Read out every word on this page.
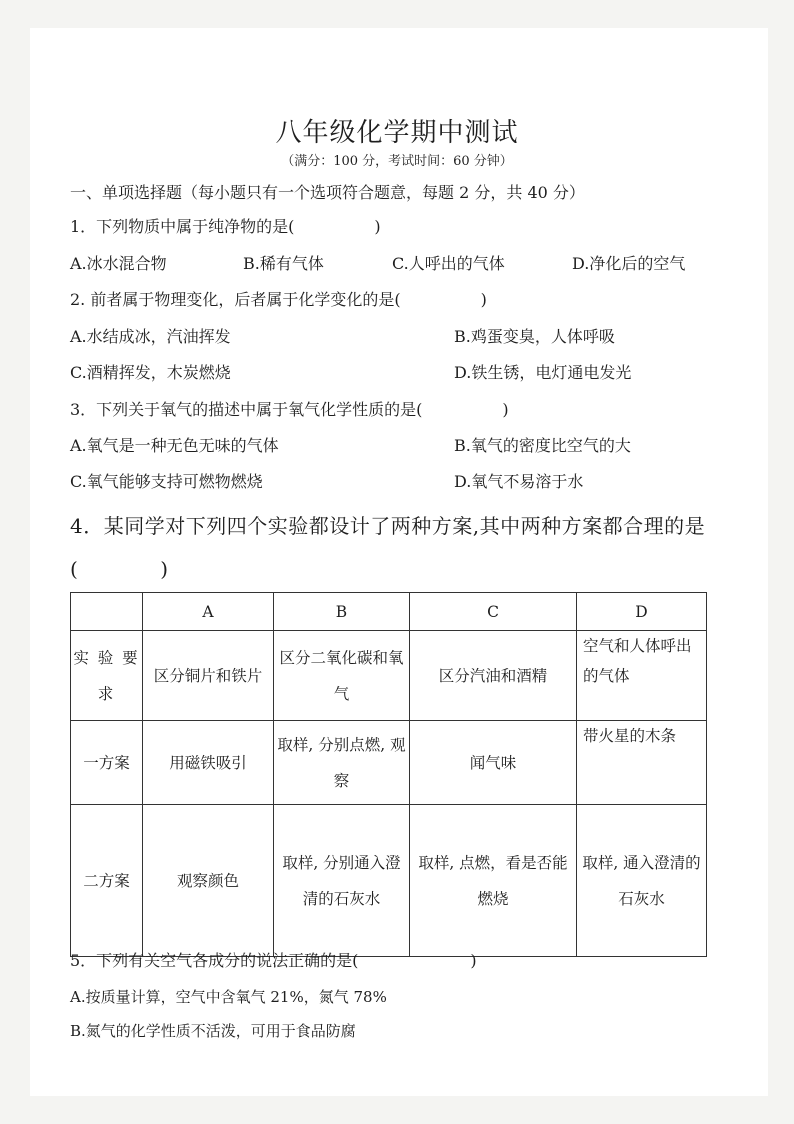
八年级化学期中测试
（满分：100 分，考试时间：60 分钟）
一、单项选择题（每小题只有一个选项符合题意，每题 2 分，共 40 分）
1．下列物质中属于纯净物的是(　　　　　)
A.冰水混合物	B.稀有气体	C.人呼出的气体	D.净化后的空气
2. 前者属于物理变化，后者属于化学变化的是(　　　　　)
A.水结成冰，汽油挥发	B.鸡蛋变臭，人体呼吸
C.酒精挥发，木炭燃烧	D.铁生锈，电灯通电发光
3．下列关于氧气的描述中属于氧气化学性质的是(　　　　　)
A.氧气是一种无色无味的气体	B.氧气的密度比空气的大
C.氧气能够支持可燃物燃烧	D.氧气不易溶于水
4．某同学对下列四个实验都设计了两种方案,其中两种方案都合理的是
(　　　　)
	A	B	C	D
实 验 要 求	区分铜片和铁片	区分二氧化碳和氧气	区分汽油和酒精	空气和人体呼出的气体
一方案	用磁铁吸引	取样, 分别点燃, 观察	闻气味	带火星的木条
二方案	观察颜色	取样, 分别通入澄清的石灰水	取样, 点燃，看是否能燃烧	取样, 通入澄清的石灰水
5．下列有关空气各成分的说法正确的是(　　　　　　　)
A.按质量计算，空气中含氧气 21%，氮气 78%
B.氮气的化学性质不活泼，可用于食品防腐
